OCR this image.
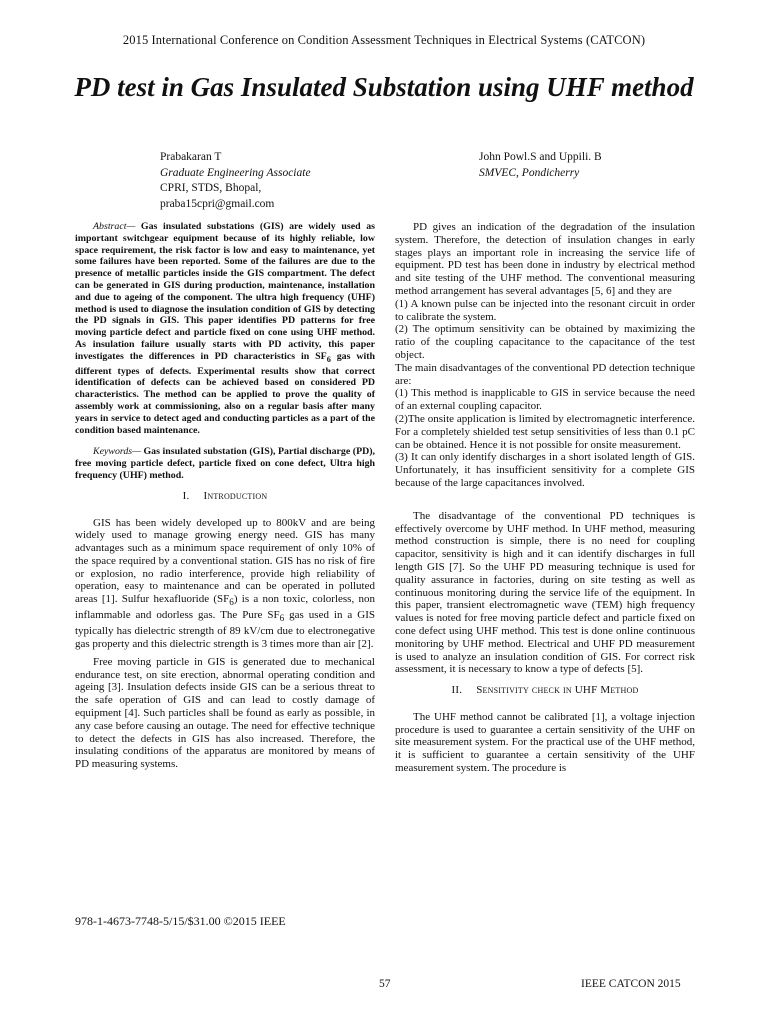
2015 International Conference on Condition Assessment Techniques in Electrical Systems (CATCON)
PD test in Gas Insulated Substation using UHF method
Prabakaran T
Graduate Engineering Associate
CPRI, STDS, Bhopal,
praba15cpri@gmail.com
John Powl.S and Uppili. B
SMVEC, Pondicherry

Abstract— Gas insulated substations (GIS) are widely used as important switchgear equipment because of its highly reliable, low space requirement, the risk factor is low and easy to maintenance, yet some failures have been reported. Some of the failures are due to the presence of metallic particles inside the GIS compartment. The defect can be generated in GIS during production, maintenance, installation and due to ageing of the component. The ultra high frequency (UHF) method is used to diagnose the insulation condition of GIS by detecting the PD signals in GIS. This paper identifies PD patterns for free moving particle defect and particle fixed on cone using UHF method. As insulation failure usually starts with PD activity, this paper investigates the differences in PD characteristics in $SF_6$ gas with different types of defects. Experimental results show that correct identification of defects can be achieved based on considered PD characteristics. The method can be applied to prove the quality of assembly work at commissioning, also on a regular basis after many years in service to detect aged and conducting particles as a part of the condition based maintenance.

Keywords— Gas insulated substation (GIS), Partial discharge (PD), free moving particle defect, particle fixed on cone defect, Ultra high frequency (UHF) method.

I. Introduction

GIS has been widely developed up to 800kV and are being widely used to manage growing energy need. GIS has many advantages such as a minimum space requirement of only 10% of the space required by a conventional station. GIS has no risk of fire or explosion, no radio interference, provide high reliability of operation, easy to maintenance and can be operated in polluted areas [1]. Sulfur hexafluoride $(SF_6)$ is a non toxic, colorless, non inflammable and odorless gas. The Pure $SF_6$ gas used in a GIS typically has dielectric strength of 89 kV/cm due to electronegative gas property and this dielectric strength is 3 times more than air [2].

Free moving particle in GIS is generated due to mechanical endurance test, on site erection, abnormal operating condition and ageing [3]. Insulation defects inside GIS can be a serious threat to the safe operation of GIS and can lead to costly damage of equipment [4]. Such particles shall be found as early as possible, in any case before causing an outage. The need for effective technique to detect the defects in GIS has also increased. Therefore, the insulating conditions of the apparatus are monitored by means of PD measuring systems.

PD gives an indication of the degradation of the insulation system. Therefore, the detection of insulation changes in early stages plays an important role in increasing the service life of equipment. PD test has been done in industry by electrical method and site testing of the UHF method. The conventional measuring method arrangement has several advantages [5, 6] and they are

(1) A known pulse can be injected into the resonant circuit in order to calibrate the system.

(2) The optimum sensitivity can be obtained by maximizing the ratio of the coupling capacitance to the capacitance of the test object.

The main disadvantages of the conventional PD detection technique are:

(1) This method is inapplicable to GIS in service because the need of an external coupling capacitor.

(2)The onsite application is limited by electromagnetic interference. For a completely shielded test setup sensitivities of less than 0.1 pC can be obtained. Hence it is not possible for onsite measurement.

(3) It can only identify discharges in a short isolated length of GIS. Unfortunately, it has insufficient sensitivity for a complete GIS because of the large capacitances involved.

The disadvantage of the conventional PD techniques is effectively overcome by UHF method. In UHF method, measuring method construction is simple, there is no need for coupling capacitor, sensitivity is high and it can identify discharges in full length GIS [7]. So the UHF PD measuring technique is used for quality assurance in factories, during on site testing as well as continuous monitoring during the service life of the equipment. In this paper, transient electromagnetic wave (TEM) high frequency values is noted for free moving particle defect and particle fixed on cone defect using UHF method. This test is done online continuous monitoring by UHF method. Electrical and UHF PD measurement is used to analyze an insulation condition of GIS. For correct risk assessment, it is necessary to know a type of defects [5].

II. Sensitivity check in UHF Method

The UHF method cannot be calibrated [1], a voltage injection procedure is used to guarantee a certain sensitivity of the UHF on site measurement system. For the practical use of the UHF method, it is sufficient to guarantee a certain sensitivity of the UHF measurement system. The procedure is

978-1-4673-7748-5/15/$31.00 ©2015 IEEE
57	IEEE CATCON 2015
